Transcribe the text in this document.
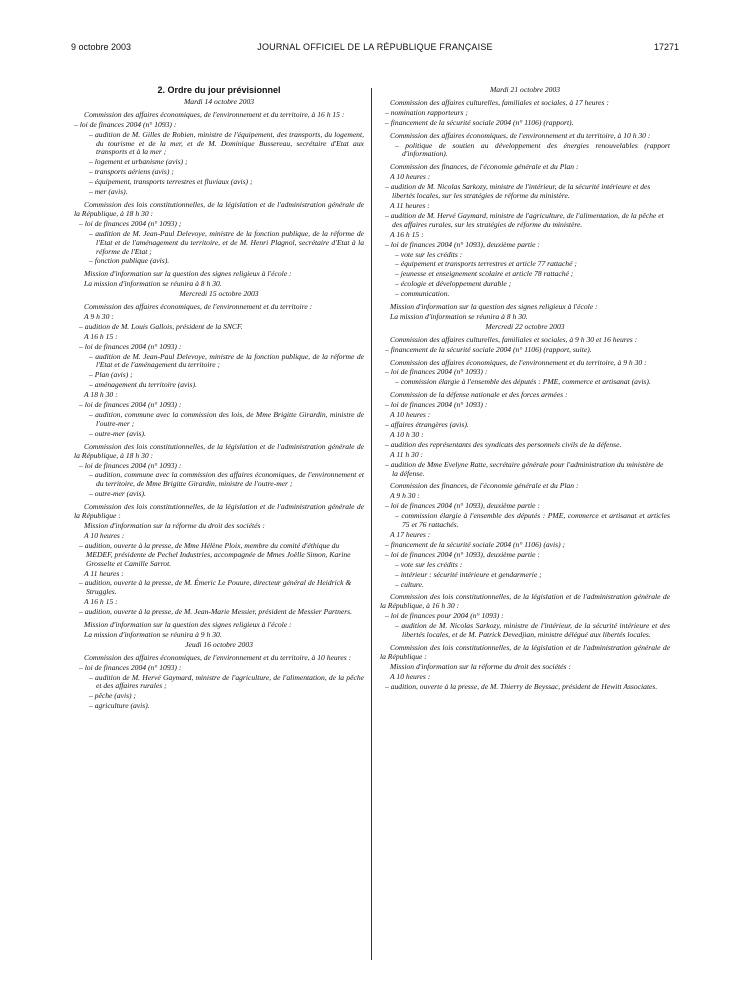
9 octobre 2003	JOURNAL OFFICIEL DE LA RÉPUBLIQUE FRANÇAISE	17271
2. Ordre du jour prévisionnel
Mardi 14 octobre 2003
Commission des affaires économiques, de l'environnement et du territoire, à 16 h 15 :
– loi de finances 2004 (n° 1093) :
– audition de M. Gilles de Robien, ministre de l'équipement, des transports, du logement, du tourisme et de la mer, et de M. Dominique Bussereau, secrétaire d'Etat aux transports et à la mer ;
– logement et urbanisme (avis) ;
– transports aériens (avis) ;
– équipement, transports terrestres et fluviaux (avis) ;
– mer (avis).
Commission des lois constitutionnelles, de la législation et de l'administration générale de la République, à 18 h 30 :
– loi de finances 2004 (n° 1093) ;
– audition de M. Jean-Paul Delevoye, ministre de la fonction publique, de la réforme de l'Etat et de l'aménagement du territoire, et de M. Henri Plagnol, secrétaire d'Etat à la réforme de l'Etat ;
– fonction publique (avis).
Mission d'information sur la question des signes religieux à l'école :
La mission d'information se réunira à 8 h 30.
Mercredi 15 octobre 2003
Commission des affaires économiques, de l'environnement et du territoire :
A 9 h 30 :
– audition de M. Louis Gallois, président de la SNCF.
A 16 h 15 :
– loi de finances 2004 (n° 1093) :
– audition de M. Jean-Paul Delevoye, ministre de la fonction publique, de la réforme de l'Etat et de l'aménagement du territoire ;
– Plan (avis) ;
– aménagement du territoire (avis).
A 18 h 30 :
– loi de finances 2004 (n° 1093) :
– audition, commune avec la commission des lois, de Mme Brigitte Girardin, ministre de l'outre-mer ;
– outre-mer (avis).
Commission des lois constitutionnelles, de la législation et de l'administration générale de la République, à 18 h 30 :
– loi de finances 2004 (n° 1093) :
– audition, commune avec la commission des affaires économiques, de l'environnement et du territoire, de Mme Brigitte Girardin, ministre de l'outre-mer ;
– outre-mer (avis).
Commission des lois constitutionnelles, de la législation et de l'administration générale de la République :
Mission d'information sur la réforme du droit des sociétés :
A 10 heures :
– audition, ouverte à la presse, de Mme Hélène Ploix, membre du comité d'éthique du MEDEF, présidente de Pechel Industries, accompagnée de Mmes Joëlle Simon, Karine Grosselte et Camille Sarrot.
A 11 heures :
– audition, ouverte à la presse, de M. Émeric Le Pouure, directeur général de Heidrick & Struggles.
A 16 h 15 :
– audition, ouverte à la presse, de M. Jean-Marie Messier, président de Messier Partners.
Mission d'information sur la question des signes religieux à l'école :
La mission d'information se réunira à 9 h 30.
Jeudi 16 octobre 2003
Commission des affaires économiques, de l'environnement et du territoire, à 10 heures :
– loi de finances 2004 (n° 1093) :
– audition de M. Hervé Gaymard, ministre de l'agriculture, de l'alimentation, de la pêche et des affaires rurales ;
– pêche (avis) ;
– agriculture (avis).
Mardi 21 octobre 2003
Commission des affaires culturelles, familiales et sociales, à 17 heures :
– nomination rapporteurs ;
– financement de la sécurité sociale 2004 (n° 1106) (rapport).
Commission des affaires économiques, de l'environnement et du territoire, à 10 h 30 :
– politique de soutien au développement des énergies renouvelables (rapport d'information).
Commission des finances, de l'économie générale et du Plan :
A 10 heures :
– audition de M. Nicolas Sarkozy, ministre de l'intérieur, de la sécurité intérieure et des libertés locales, sur les stratégies de réforme du ministère.
A 11 heures :
– audition de M. Hervé Gaymard, ministre de l'agriculture, de l'alimentation, de la pêche et des affaires rurales, sur les stratégies de réforme du ministère.
A 16 h 15 :
– loi de finances 2004 (n° 1093), deuxième partie :
– vote sur les crédits :
– équipement et transports terrestres et article 77 rattaché ;
– jeunesse et enseignement scolaire et article 78 rattaché ;
– écologie et développement durable ;
– communication.
Mission d'information sur la question des signes religieux à l'école :
La mission d'information se réunira à 8 h 30.
Mercredi 22 octobre 2003
Commission des affaires culturelles, familiales et sociales, à 9 h 30 et 16 heures :
– financement de la sécurité sociale 2004 (n° 1106) (rapport, suite).
Commission des affaires économiques, de l'environnement et du territoire, à 9 h 30 :
– loi de finances 2004 (n° 1093) :
– commission élargie à l'ensemble des députés : PME, commerce et artisanat (avis).
Commission de la défense nationale et des forces armées :
– loi de finances 2004 (n° 1093) :
A 10 heures :
– affaires étrangères (avis).
A 10 h 30 :
– audition des représentants des syndicats des personnels civils de la défense.
A 11 h 30 :
– audition de Mme Evelyne Ratte, secrétaire générale pour l'administration du ministère de la défense.
Commission des finances, de l'économie générale et du Plan :
A 9 h 30 :
– loi de finances 2004 (n° 1093), deuxième partie :
– commission élargie à l'ensemble des députés : PME, commerce et artisanat et articles 75 et 76 rattachés.
A 17 heures :
– financement de la sécurité sociale 2004 (n° 1106) (avis) ;
– loi de finances 2004 (n° 1093), deuxième partie :
– vote sur les crédits :
– intérieur : sécurité intérieure et gendarmerie ;
– culture.
Commission des lois constitutionnelles, de la législation et de l'administration générale de la République, à 16 h 30 :
– loi de finances pour 2004 (n° 1093) :
– audition de M. Nicolas Sarkozy, ministre de l'intérieur, de la sécurité intérieure et des libertés locales, et de M. Patrick Devedjian, ministre délégué aux libertés locales.
Commission des lois constitutionnelles, de la législation et de l'administration générale de la République :
Mission d'information sur la réforme du droit des sociétés :
A 10 heures :
– audition, ouverte à la presse, de M. Thierry de Beyssac, président de Hewitt Associates.
